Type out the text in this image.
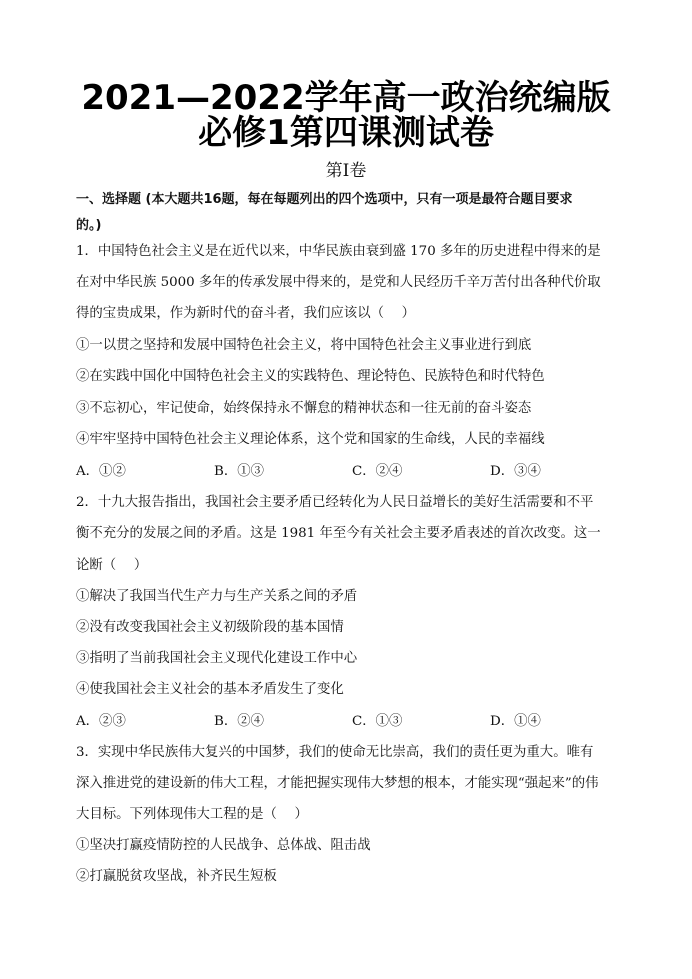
2021—2022学年高一政治统编版
必修1第四课测试卷
第Ⅰ卷
一、选择题 (本大题共16题，每在每题列出的四个选项中，只有一项是最符合题目要求
的。)
1．中国特色社会主义是在近代以来，中华民族由衰到盛 170 多年的历史进程中得来的是
在对中华民族 5000 多年的传承发展中得来的，是党和人民经历千辛万苦付出各种代价取
得的宝贵成果，作为新时代的奋斗者，我们应该以（　 ）
①一以贯之坚持和发展中国特色社会主义，将中国特色社会主义事业进行到底
②在实践中国化中国特色社会主义的实践特色、理论特色、民族特色和时代特色
③不忘初心，牢记使命，始终保持永不懈怠的精神状态和一往无前的奋斗姿态
④牢牢坚持中国特色社会主义理论体系，这个党和国家的生命线，人民的幸福线
A．①②	B．①③	C．②④	D．③④
2．十九大报告指出，我国社会主要矛盾已经转化为人民日益增长的美好生活需要和不平
衡不充分的发展之间的矛盾。这是 1981 年至今有关社会主要矛盾表述的首次改变。这一
论断（　 ）
①解决了我国当代生产力与生产关系之间的矛盾
②没有改变我国社会主义初级阶段的基本国情
③指明了当前我国社会主义现代化建设工作中心
④使我国社会主义社会的基本矛盾发生了变化
A．②③	B．②④	C．①③	D．①④
3．实现中华民族伟大复兴的中国梦，我们的使命无比崇高，我们的责任更为重大。唯有
深入推进党的建设新的伟大工程，才能把握实现伟大梦想的根本，才能实现“强起来”的伟
大目标。下列体现伟大工程的是（　 ）
①坚决打赢疫情防控的人民战争、总体战、阻击战
②打赢脱贫攻坚战，补齐民生短板
